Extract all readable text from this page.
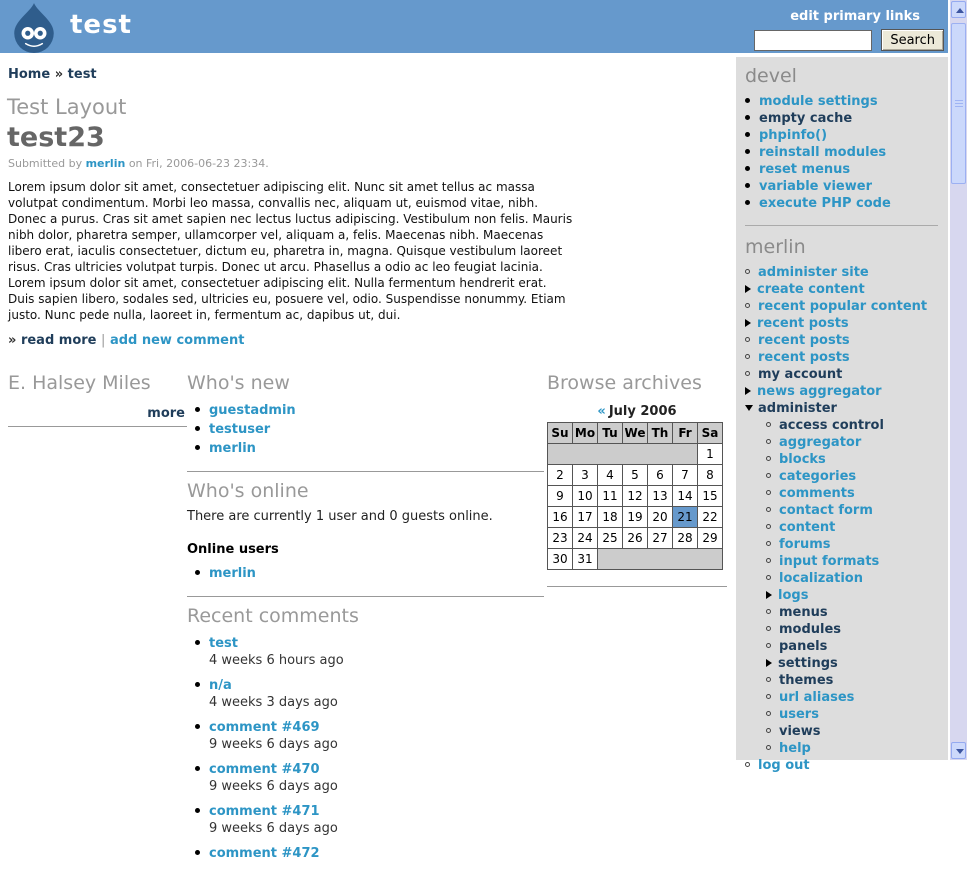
test	edit primary links
Search
Home » test
Test Layout
test23
Submitted by merlin on Fri, 2006-06-23 23:34.

Lorem ipsum dolor sit amet, consectetuer adipiscing elit. Nunc sit amet tellus ac massa volutpat condimentum. Morbi leo massa, convallis nec, aliquam ut, euismod vitae, nibh. Donec a purus. Cras sit amet sapien nec lectus luctus adipiscing. Vestibulum non felis. Mauris nibh dolor, pharetra semper, ullamcorper vel, aliquam a, felis. Maecenas nibh. Maecenas libero erat, iaculis consectetuer, dictum eu, pharetra in, magna. Quisque vestibulum laoreet risus. Cras ultricies volutpat turpis. Donec ut arcu. Phasellus a odio ac leo feugiat lacinia. Lorem ipsum dolor sit amet, consectetuer adipiscing elit. Nulla fermentum hendrerit erat. Duis sapien libero, sodales sed, ultricies eu, posuere vel, odio. Suspendisse nonummy. Etiam justo. Nunc pede nulla, laoreet in, fermentum ac, dapibus ut, dui.

» read more | add new comment
E. Halsey Miles
more
Who's new
guestadmin
testuser
merlin
Who's online

There are currently 1 user and 0 guests online.

Online users
merlin
Recent comments
test
4 weeks 6 hours ago
n/a
4 weeks 3 days ago
comment #469
9 weeks 6 days ago
comment #470
9 weeks 6 days ago
comment #471
9 weeks 6 days ago
comment #472
Browse archives
« July 2006
Su	Mo	Tu	We	Th	Fr	Sa
						1
2	3	4	5	6	7	8
9	10	11	12	13	14	15
16	17	18	19	20	21	22
23	24	25	26	27	28	29
30	31					
devel
module settings
empty cache
phpinfo()
reinstall modules
reset menus
variable viewer
execute PHP code
merlin
administer site
create content
recent popular content
recent posts
recent posts
recent posts
my account
news aggregator
administer
access control
aggregator
blocks
categories
comments
contact form
content
forums
input formats
localization
logs
menus
modules
panels
settings
themes
url aliases
users
views
help
log out
